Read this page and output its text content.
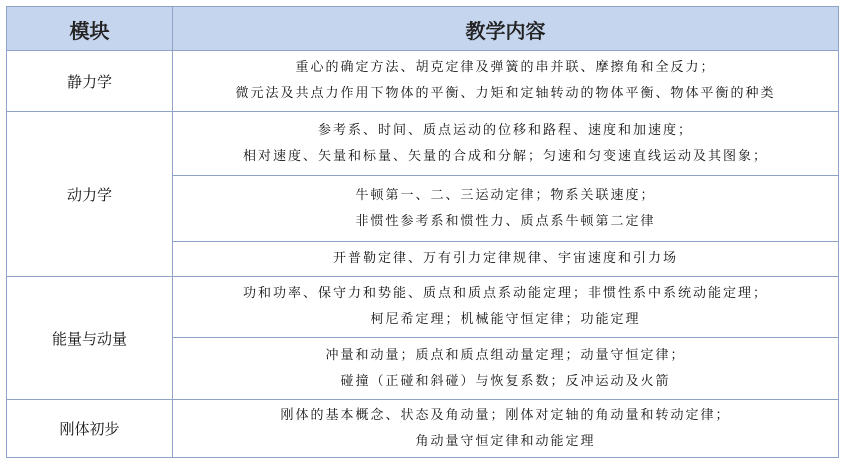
模块	教学内容
静力学
重心的确定方法、胡克定律及弹簧的串并联、摩擦角和全反力；
微元法及共点力作用下物体的平衡、力矩和定轴转动的物体平衡、物体平衡的种类
动力学
参考系、时间、质点运动的位移和路程、速度和加速度；
相对速度、矢量和标量、矢量的合成和分解；匀速和匀变速直线运动及其图象；
牛顿第一、二、三运动定律；物系关联速度；
非惯性参考系和惯性力、质点系牛顿第二定律
开普勒定律、万有引力定律规律、宇宙速度和引力场
能量与动量
功和功率、保守力和势能、质点和质点系动能定理；非惯性系中系统动能定理；
柯尼希定理；机械能守恒定律；功能定理
冲量和动量；质点和质点组动量定理；动量守恒定律；
碰撞（正碰和斜碰）与恢复系数；反冲运动及火箭
刚体初步
刚体的基本概念、状态及角动量；刚体对定轴的角动量和转动定律；
角动量守恒定律和动能定理
